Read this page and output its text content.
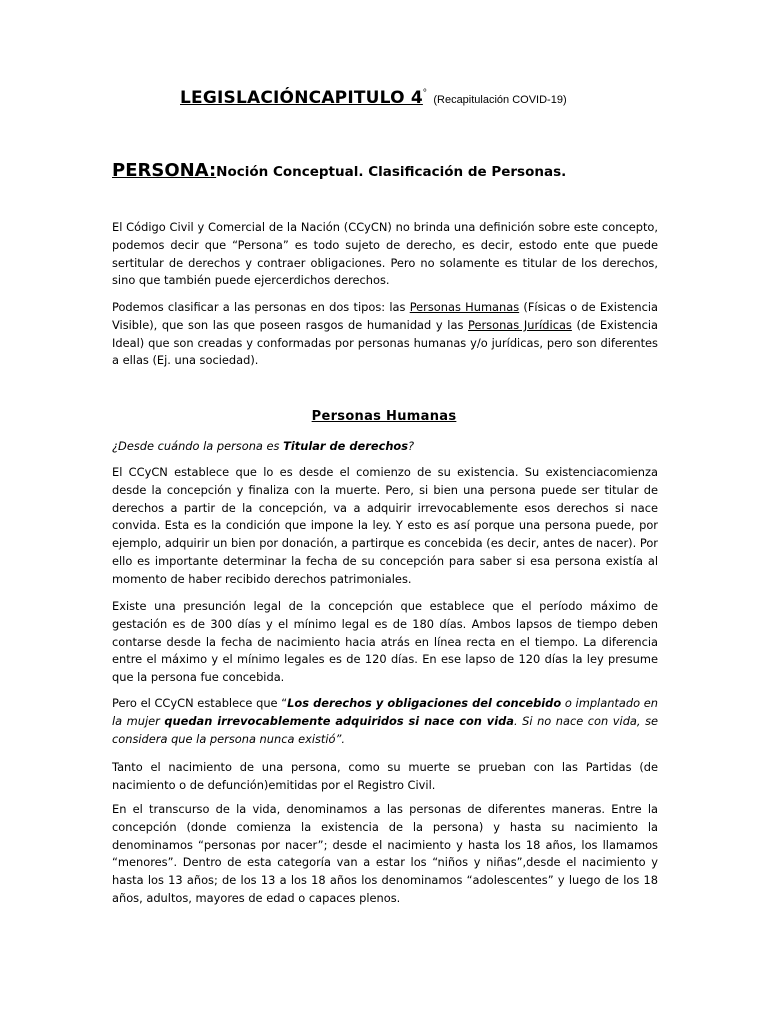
LEGISLACIÓNCAPITULO 4° (Recapitulación COVID-19)
PERSONA:Noción Conceptual. Clasificación de Personas.

El Código Civil y Comercial de la Nación (CCyCN) no brinda una definición sobre este concepto, podemos decir que “Persona” es todo sujeto de derecho, es decir, estodo ente que puede sertitular de derechos y contraer obligaciones. Pero no solamente es titular de los derechos, sino que también puede ejercerdichos derechos.

Podemos clasificar a las personas en dos tipos: las Personas Humanas (Físicas o de Existencia Visible), que son las que poseen rasgos de humanidad y las Personas Jurídicas (de Existencia Ideal) que son creadas y conformadas por personas humanas y/o jurídicas, pero son diferentes a ellas (Ej. una sociedad).

Personas Humanas

¿Desde cuándo la persona es Titular de derechos?

El CCyCN establece que lo es desde el comienzo de su existencia. Su existenciacomienza desde la concepción y finaliza con la muerte. Pero, si bien una persona puede ser titular de derechos a partir de la concepción, va a adquirir irrevocablemente esos derechos si nace convida. Esta es la condición que impone la ley. Y esto es así porque una persona puede, por ejemplo, adquirir un bien por donación, a partirque es concebida (es decir, antes de nacer). Por ello es importante determinar la fecha de su concepción para saber si esa persona existía al momento de haber recibido derechos patrimoniales.

Existe una presunción legal de la concepción que establece que el período máximo de gestación es de 300 días y el mínimo legal es de 180 días. Ambos lapsos de tiempo deben contarse desde la fecha de nacimiento hacia atrás en línea recta en el tiempo. La diferencia entre el máximo y el mínimo legales es de 120 días. En ese lapso de 120 días la ley presume que la persona fue concebida.

Pero el CCyCN establece que “Los derechos y obligaciones del concebido o implantado en la mujer quedan irrevocablemente adquiridos si nace con vida. Si no nace con vida, se considera que la persona nunca existió”.

Tanto el nacimiento de una persona, como su muerte se prueban con las Partidas (de nacimiento o de defunción)emitidas por el Registro Civil.

En el transcurso de la vida, denominamos a las personas de diferentes maneras. Entre la concepción (donde comienza la existencia de la persona) y hasta su nacimiento la denominamos “personas por nacer”; desde el nacimiento y hasta los 18 años, los llamamos “menores”. Dentro de esta categoría van a estar los “niños y niñas”,desde el nacimiento y hasta los 13 años; de los 13 a los 18 años los denominamos “adolescentes” y luego de los 18 años, adultos, mayores de edad o capaces plenos.
